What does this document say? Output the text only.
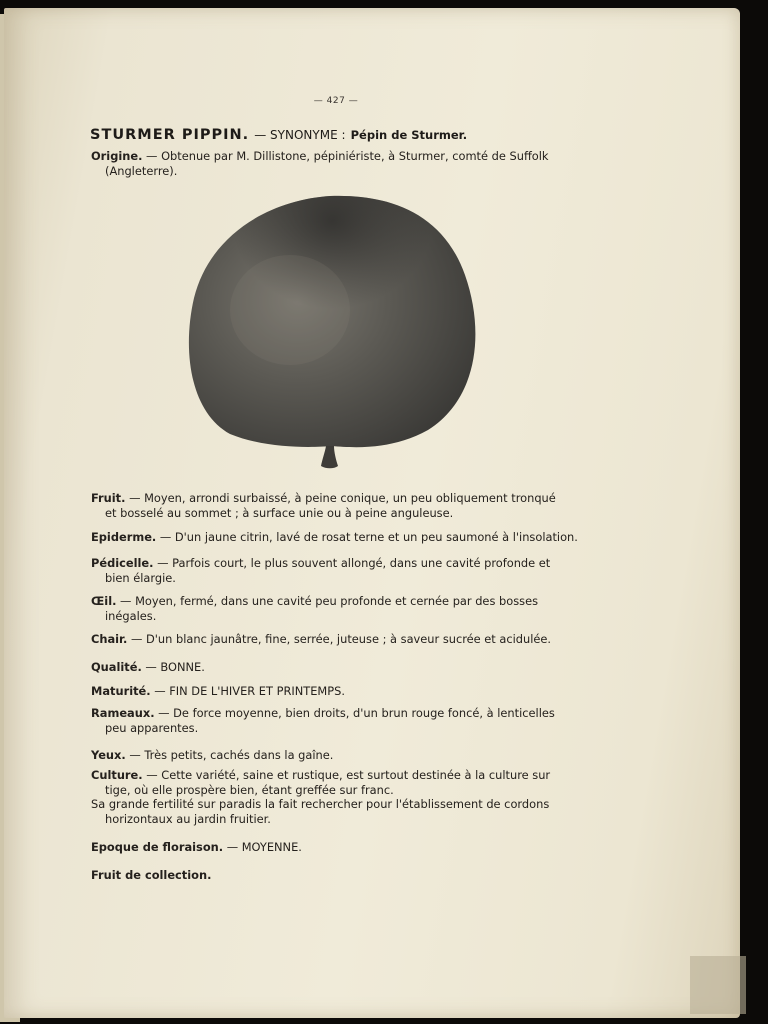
— 427 —
STURMER PIPPIN. — SYNONYME : Pépin de Sturmer.
Origine. — Obtenue par M. Dillistone, pépiniériste, à Sturmer, comté de Suffolk
(Angleterre).
Fruit. — Moyen, arrondi surbaissé, à peine conique, un peu obliquement tronqué
et bosselé au sommet ; à surface unie ou à peine anguleuse.
Epiderme. — D'un jaune citrin, lavé de rosat terne et un peu saumoné à l'insolation.
Pédicelle. — Parfois court, le plus souvent allongé, dans une cavité profonde et
bien élargie.
Œil. — Moyen, fermé, dans une cavité peu profonde et cernée par des bosses
inégales.
Chair. — D'un blanc jaunâtre, fine, serrée, juteuse ; à saveur sucrée et acidulée.
Qualité. — BONNE.
Maturité. — FIN DE L'HIVER ET PRINTEMPS.
Rameaux. — De force moyenne, bien droits, d'un brun rouge foncé, à lenticelles
peu apparentes.
Yeux. — Très petits, cachés dans la gaîne.
Culture. — Cette variété, saine et rustique, est surtout destinée à la culture sur
tige, où elle prospère bien, étant greffée sur franc.
Sa grande fertilité sur paradis la fait rechercher pour l'établissement de cordons
horizontaux au jardin fruitier.
Epoque de floraison. — MOYENNE.
Fruit de collection.
